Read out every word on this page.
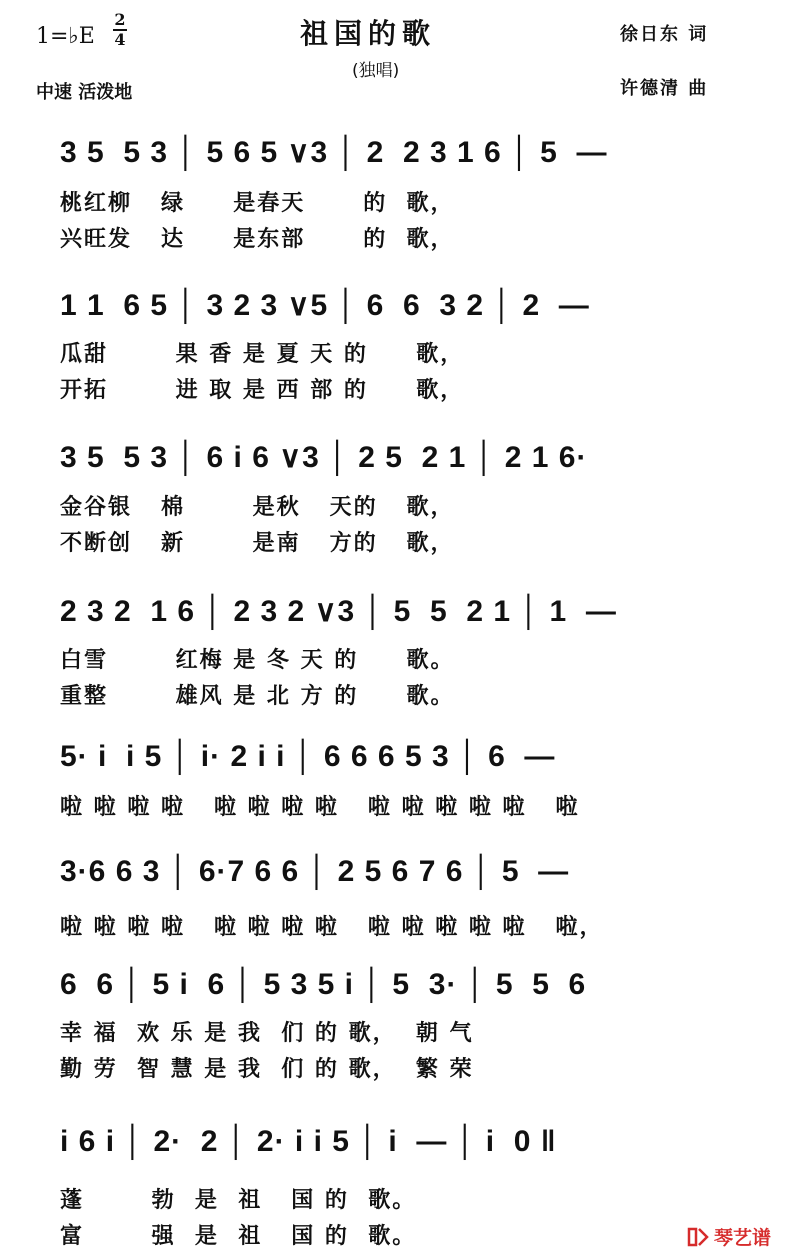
1=♭E
2
4	祖国的歌
(独唱)
中速 活泼地
徐日东 词
许德清 曲
3 5  5 3 │ 5 6 5 ∨3 │ 2  2 3 1 6 │ 5  —
桃红柳   绿     是春天      的  歌，
兴旺发   达     是东部      的  歌，
1 1  6 5 │ 3 2 3 ∨5 │ 6  6  3 2 │ 2  —
瓜甜       果 香 是 夏 天 的     歌，
开拓       进 取 是 西 部 的     歌，
3 5  5 3 │ 6 i 6 ∨3 │ 2 5  2 1 │ 2 1 6·
金谷银   棉       是秋   天的   歌，
不断创   新       是南   方的   歌，
2 3 2  1 6 │ 2 3 2 ∨3 │ 5  5  2 1 │ 1  —
白雪       红梅 是 冬 天 的     歌。
重整       雄风 是 北 方 的     歌。
5· i  i 5 │ i· 2 i i │ 6 6 6 5 3 │ 6  —
啦 啦 啦 啦   啦 啦 啦 啦   啦 啦 啦 啦 啦   啦
3·6 6 3 │ 6·7 6 6 │ 2 5 6 7 6 │ 5  —
啦 啦 啦 啦   啦 啦 啦 啦   啦 啦 啦 啦 啦   啦，
6  6 │ 5 i  6 │ 5 3 5 i │ 5  3· │ 5  5  6
幸 福  欢 乐 是 我  们 的 歌，  朝 气
勤 劳  智 慧 是 我  们 的 歌，  繁 荣
i 6 i │ 2·  2 │ 2· i i 5 │ i  — │ i  0 ‖
蓬       勃  是  祖   国 的  歌。
富       强  是  祖   国 的  歌。	琴艺谱
